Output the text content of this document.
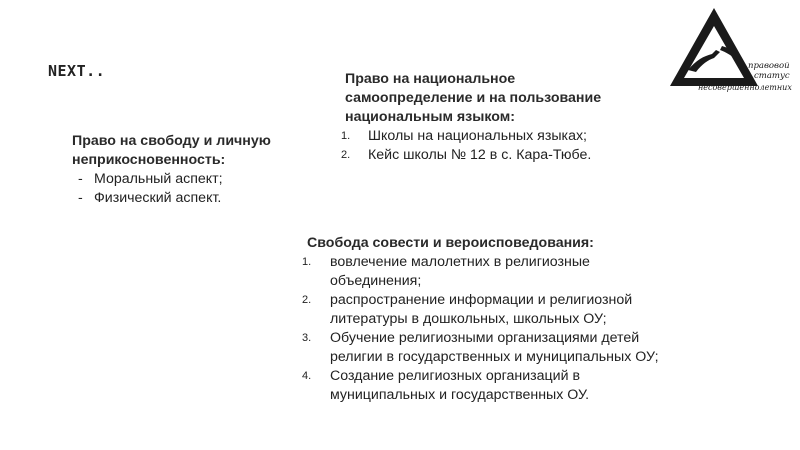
NEXT..	правовой
статус
несовершеннолетних
Право на свободу и личную
неприкосновенность:
- Моральный аспект;
- Физический аспект.
Право на национальное
самоопределение и на пользование
национальным языком:
1.	Школы на национальных языках;
2.	Кейс школы № 12 в с. Кара-Тюбе.
Свобода совести и вероисповедования:
1.	вовлечение малолетних в религиозные
объединения;
2.	распространение информации и религиозной
литературы в дошкольных, школьных ОУ;
3.	Обучение религиозными организациями детей
религии в государственных и муниципальных ОУ;
4.	Создание религиозных организаций в
муниципальных и государственных ОУ.
